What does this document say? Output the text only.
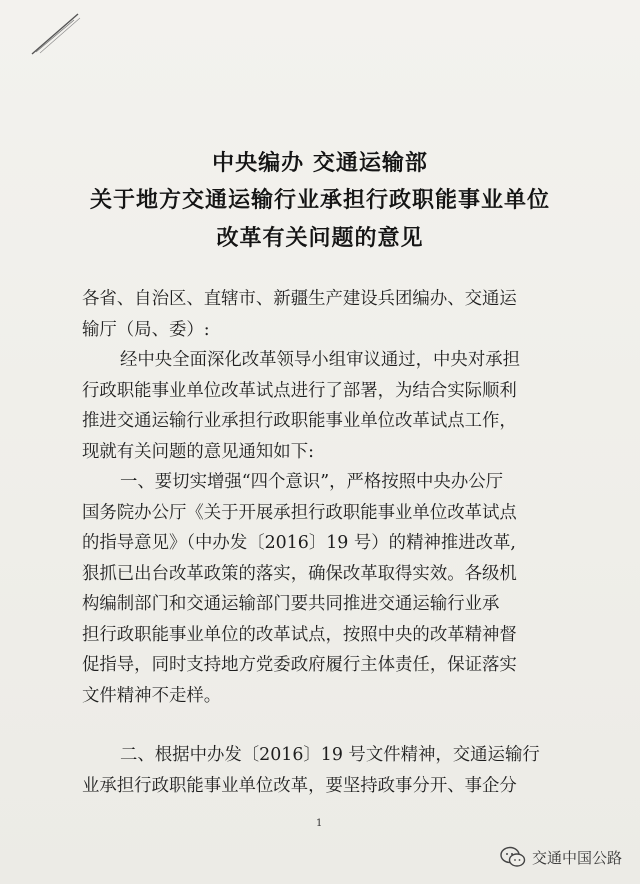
中央编办 交通运输部
关于地方交通运输行业承担行政职能事业单位
改革有关问题的意见
各省、自治区、直辖市、新疆生产建设兵团编办、交通运
输厅（局、委）:
经中央全面深化改革领导小组审议通过，中央对承担
行政职能事业单位改革试点进行了部署，为结合实际顺利
推进交通运输行业承担行政职能事业单位改革试点工作，
现就有关问题的意见通知如下:
一、要切实增强“四个意识”，严格按照中央办公厅
国务院办公厅《关于开展承担行政职能事业单位改革试点
的指导意见》（中办发〔2016〕19 号）的精神推进改革,
狠抓已出台改革政策的落实，确保改革取得实效。各级机
构编制部门和交通运输部门要共同推进交通运输行业承
担行政职能事业单位的改革试点，按照中央的改革精神督
促指导，同时支持地方党委政府履行主体责任，保证落实
文件精神不走样。
二、根据中办发〔2016〕19 号文件精神，交通运输行
业承担行政职能事业单位改革，要坚持政事分开、事企分
1
交通中国公路
